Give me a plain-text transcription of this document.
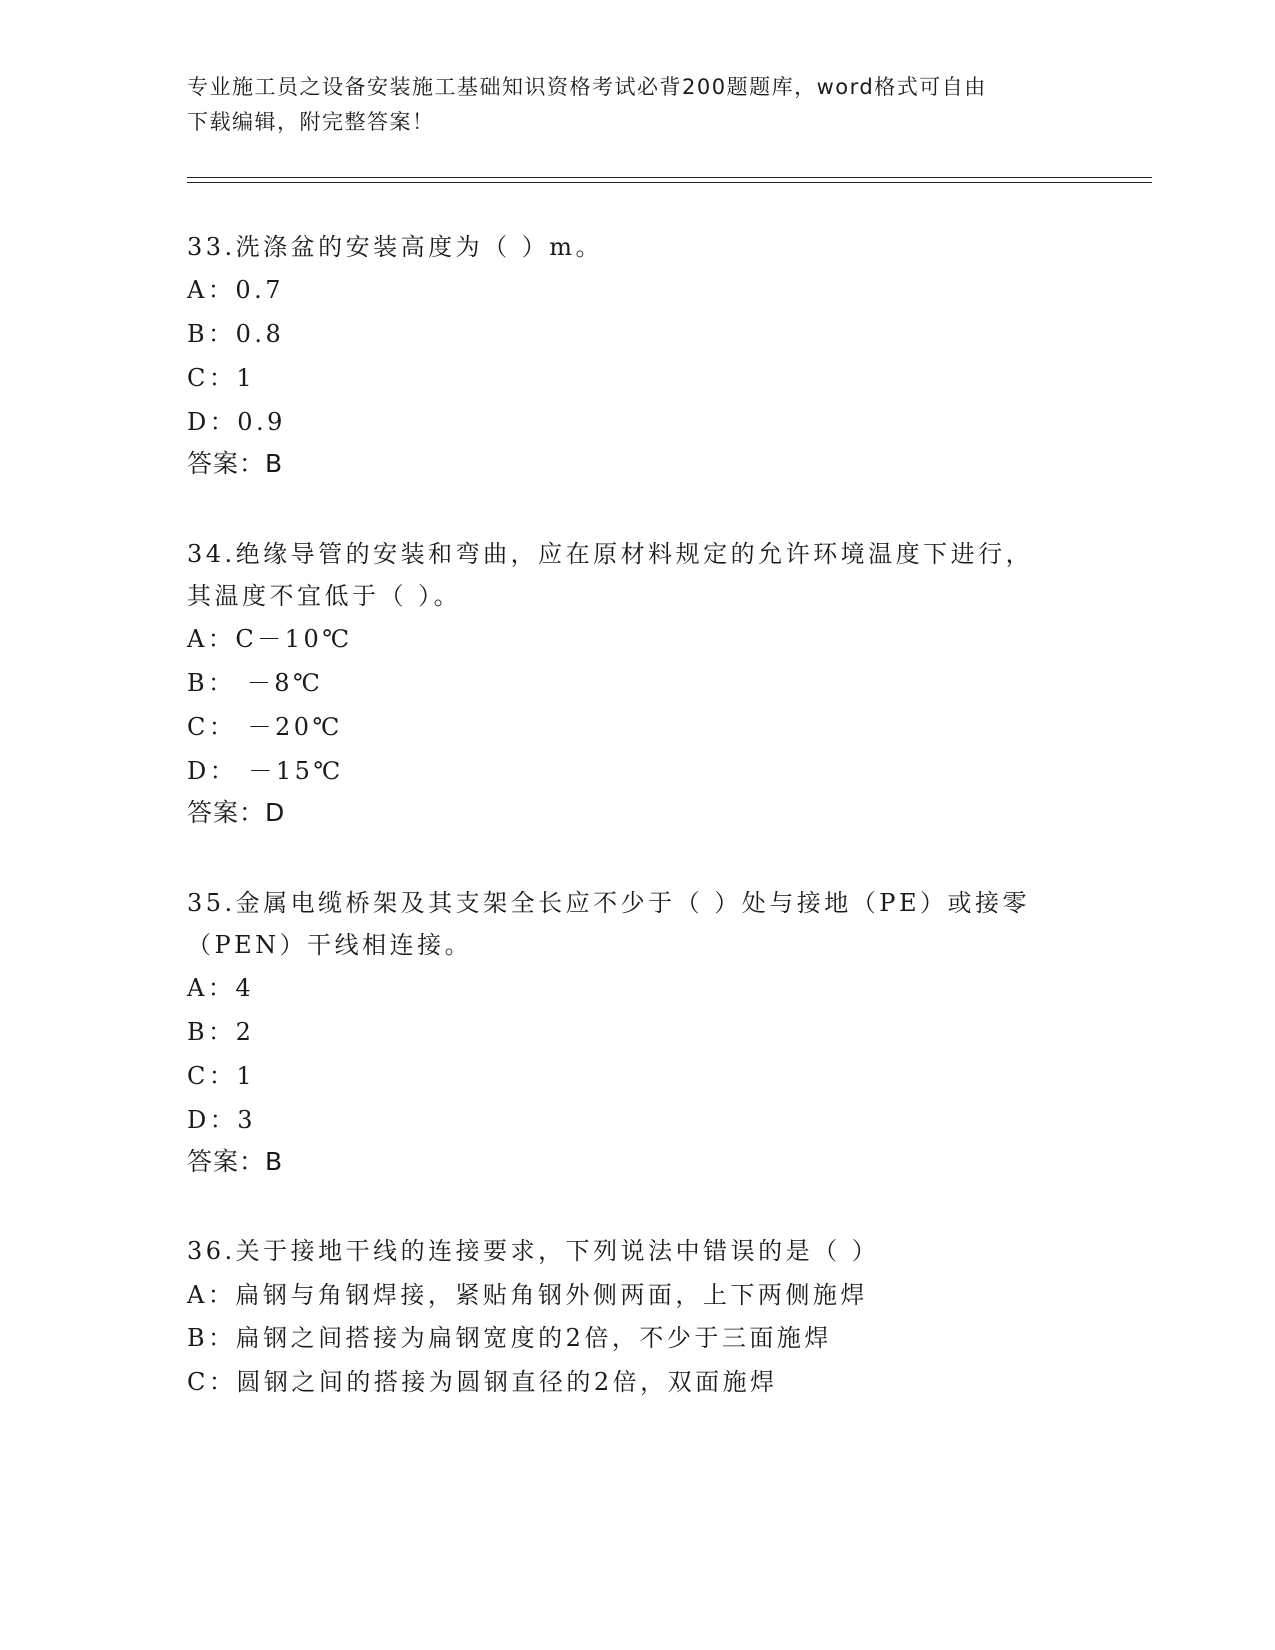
专业施工员之设备安装施工基础知识资格考试必背200题题库，word格式可自由
下载编辑，附完整答案！
33.洗涤盆的安装高度为（ ）m。
A：0.7
B：0.8
C：1
D：0.9
答案：B
34.绝缘导管的安装和弯曲，应在原材料规定的允许环境温度下进行，
其温度不宜低于（ ）。
A：C－10℃
B： －8℃
C： －20℃
D： －15℃
答案：D
35.金属电缆桥架及其支架全长应不少于（ ）处与接地（PE）或接零
（PEN）干线相连接。
A：4
B：2
C：1
D：3
答案：B
36.关于接地干线的连接要求，下列说法中错误的是（ ）
A：扁钢与角钢焊接，紧贴角钢外侧两面，上下两侧施焊
B：扁钢之间搭接为扁钢宽度的2倍，不少于三面施焊
C：圆钢之间的搭接为圆钢直径的2倍，双面施焊
